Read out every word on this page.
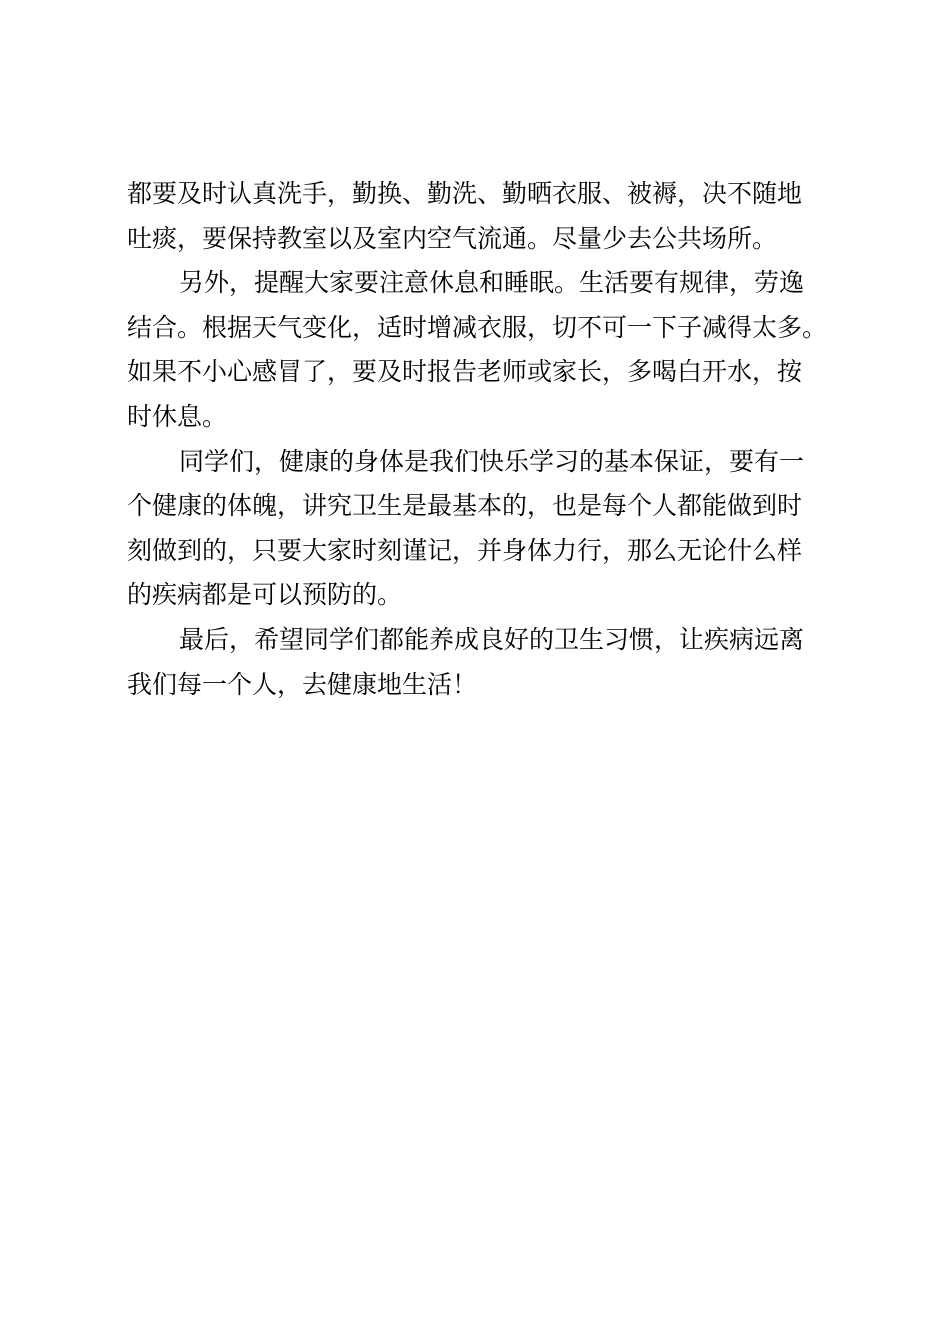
都要及时认真洗手，勤换、勤洗、勤晒衣服、被褥，决不随地
吐痰，要保持教室以及室内空气流通。尽量少去公共场所。
另外，提醒大家要注意休息和睡眠。生活要有规律，劳逸
结合。根据天气变化，适时增减衣服，切不可一下子减得太多。
如果不小心感冒了，要及时报告老师或家长，多喝白开水，按
时休息。
同学们，健康的身体是我们快乐学习的基本保证，要有一
个健康的体魄，讲究卫生是最基本的，也是每个人都能做到时
刻做到的，只要大家时刻谨记，并身体力行，那么无论什么样
的疾病都是可以预防的。
最后，希望同学们都能养成良好的卫生习惯，让疾病远离
我们每一个人，去健康地生活！
